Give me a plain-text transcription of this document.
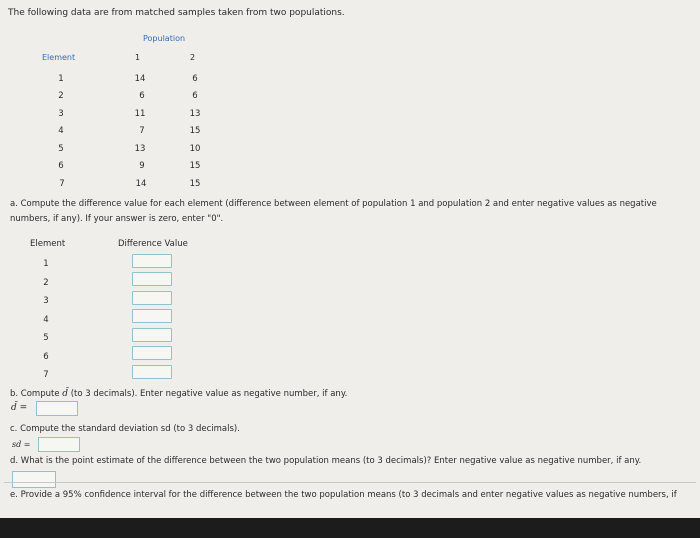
The following data are from matched samples taken from two populations.
Population
Element	1	2
1	14	6
2	6	6
3	11	13
4	7	15
5	13	10
6	9	15
7	14	15
a. Compute the difference value for each element (difference between element of population 1 and population 2 and enter negative values as negative numbers, if any). If your answer is zero, enter "0".
Element	Difference Value
1
2
3
4
5
6
7
b. Compute d̄ (to 3 decimals). Enter negative value as negative number, if any.
d̄ =
c. Compute the standard deviation sd (to 3 decimals).
sd =
d. What is the point estimate of the difference between the two population means (to 3 decimals)? Enter negative value as negative number, if any.
e. Provide a 95% confidence interval for the difference between the two population means (to 3 decimals and enter negative values as negative numbers, if
